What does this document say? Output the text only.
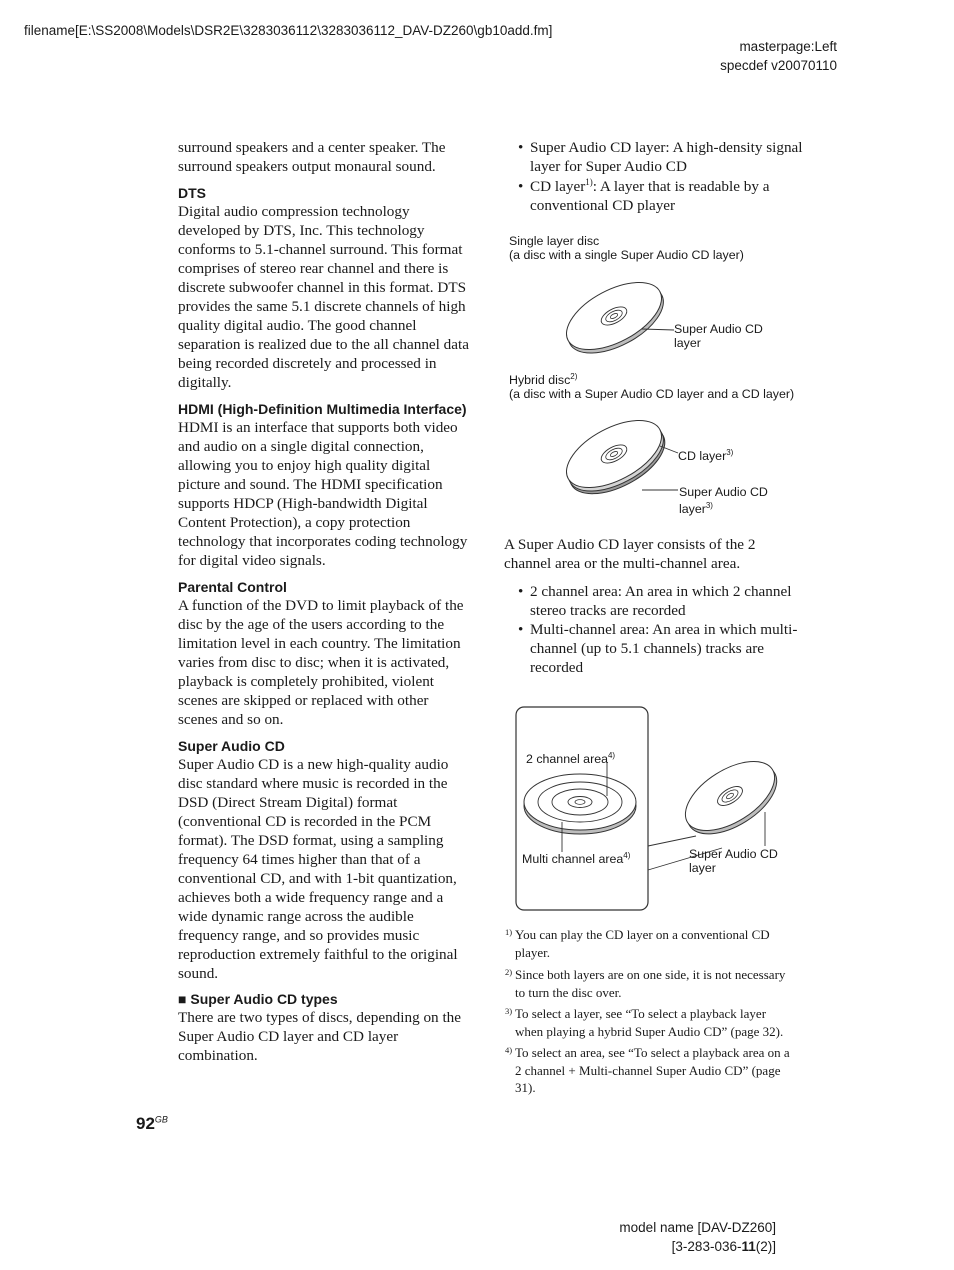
filename[E:\SS2008\Models\DSR2E\3283036112\3283036112_DAV-DZ260\gb10add.fm]
masterpage:Left
specdef v20070110

surround speakers and a center speaker. The surround speakers output monaural sound.

DTS

Digital audio compression technology developed by DTS, Inc. This technology conforms to 5.1-channel surround. This format comprises of stereo rear channel and there is discrete subwoofer channel in this format. DTS provides the same 5.1 discrete channels of high quality digital audio. The good channel separation is realized due to the all channel data being recorded discretely and processed in digitally.

HDMI (High-Definition Multimedia Interface)

HDMI is an interface that supports both video and audio on a single digital connection, allowing you to enjoy high quality digital picture and sound. The HDMI specification supports HDCP (High-bandwidth Digital Content Protection), a copy protection technology that incorporates coding technology for digital video signals.

Parental Control

A function of the DVD to limit playback of the disc by the age of the users according to the limitation level in each country. The limitation varies from disc to disc; when it is activated, playback is completely prohibited, violent scenes are skipped or replaced with other scenes and so on.

Super Audio CD

Super Audio CD is a new high-quality audio disc standard where music is recorded in the DSD (Direct Stream Digital) format (conventional CD is recorded in the PCM format). The DSD format, using a sampling frequency 64 times higher than that of a conventional CD, and with 1-bit quantization, achieves both a wide frequency range and a wide dynamic range across the audible frequency range, and so provides music reproduction extremely faithful to the original sound.

■ Super Audio CD types

There are two types of discs, depending on the Super Audio CD layer and CD layer combination.

• Super Audio CD layer: A high-density signal layer for Super Audio CD
• CD layer$^{1)}$: A layer that is readable by a conventional CD player
Single layer disc
(a disc with a single Super Audio CD layer)
Super Audio CD
layer
Hybrid disc$^{2)}$
(a disc with a Super Audio CD layer and a CD layer)
CD layer$^{3)}$
Super Audio CD
layer$^{3)}$

A Super Audio CD layer consists of the 2 channel area or the multi-channel area.

• 2 channel area: An area in which 2 channel stereo tracks are recorded
• Multi-channel area: An area in which multi-channel (up to 5.1 channels) tracks are recorded
2 channel area$^{4)}$
Multi channel area$^{4)}$	Super Audio CD
layer
1) You can play the CD layer on a conventional CD player.
2) Since both layers are on one side, it is not necessary to turn the disc over.
3) To select a layer, see “To select a playback layer when playing a hybrid Super Audio CD” (page 32).
4) To select an area, see “To select a playback area on a 2 channel + Multi-channel Super Audio CD” (page 31).
$92^{GB}$
model name [DAV-DZ260]
[3-283-036-11(2)]
